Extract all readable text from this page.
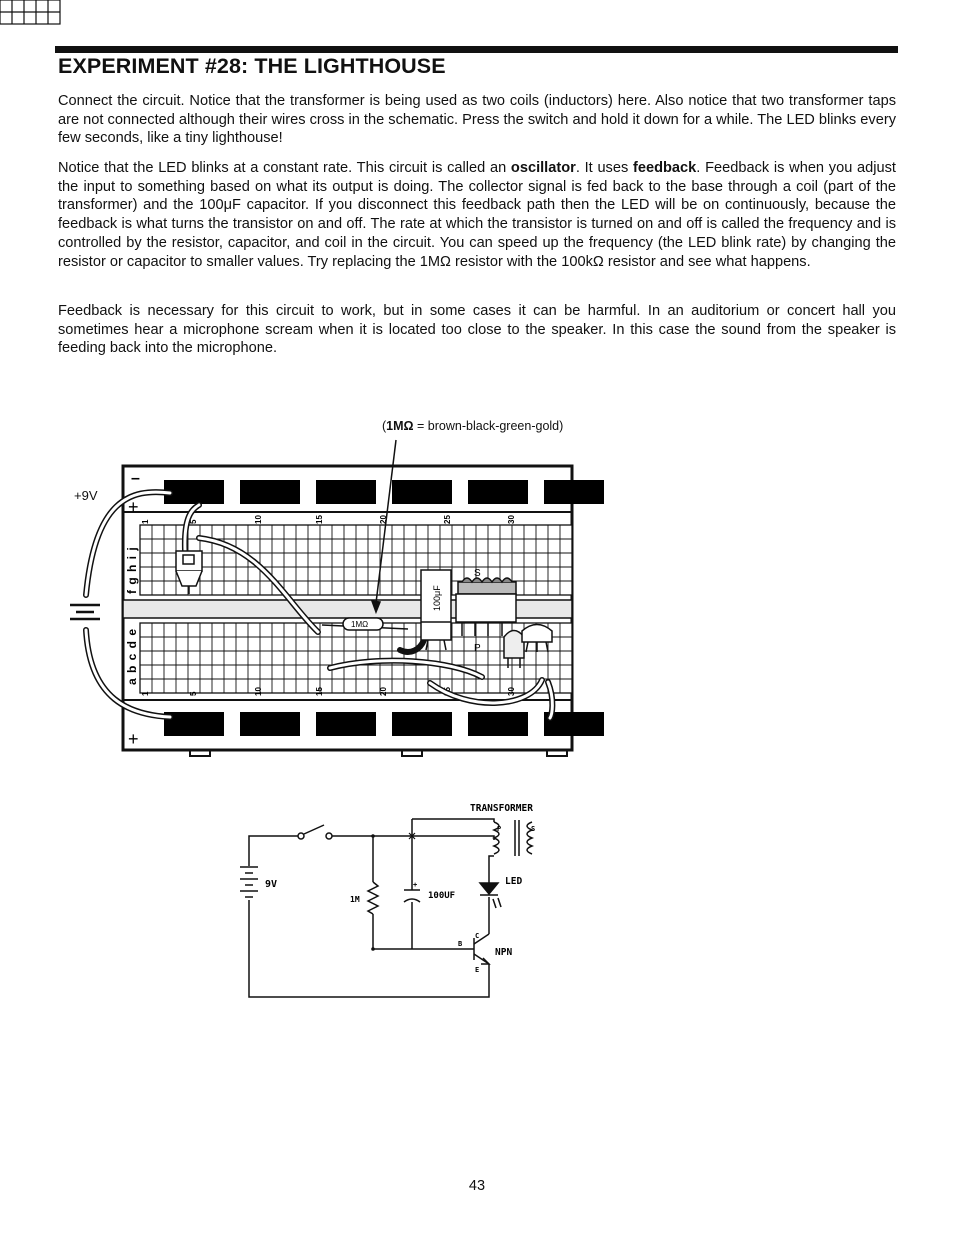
EXPERIMENT #28: THE LIGHTHOUSE

Connect the circuit. Notice that the transformer is being used as two coils (inductors) here. Also notice that two transformer taps are not connected although their wires cross in the schematic. Press the switch and hold it down for a while. The LED blinks every few seconds, like a tiny lighthouse!

Notice that the LED blinks at a constant rate. This circuit is called an oscillator. It uses feedback. Feedback is when you adjust the input to something based on what its output is doing. The collector signal is fed back to the base through a coil (part of the transformer) and the 100μF capacitor. If you disconnect this feedback path then the LED will be on continuously, because the feedback is what turns the transistor on and off. The rate at which the transistor is turned on and off is called the frequency and is controlled by the resistor, capacitor, and coil in the circuit. You can speed up the frequency (the LED blink rate) by changing the resistor or capacitor to smaller values. Try replacing the 1MΩ resistor with the 100kΩ resistor and see what happens.

Feedback is necessary for this circuit to work, but in some cases it can be harmful. In an auditorium or concert hall you sometimes hear a microphone scream when it is located too close to the speaker. In this case the sound from the speaker is feeding back into the microphone.

(1MΩ = brown-black-green-gold)
+9V
–
+
–
+
f g h i j
a b c d e
1	5	10	15	20	25	30
1	5	10	15	20	25	30
1MΩ
100μF
S
P
TRANSFORMER
P	S
9V
1M
+
100UF
LED
C
B
E
NPN
43
